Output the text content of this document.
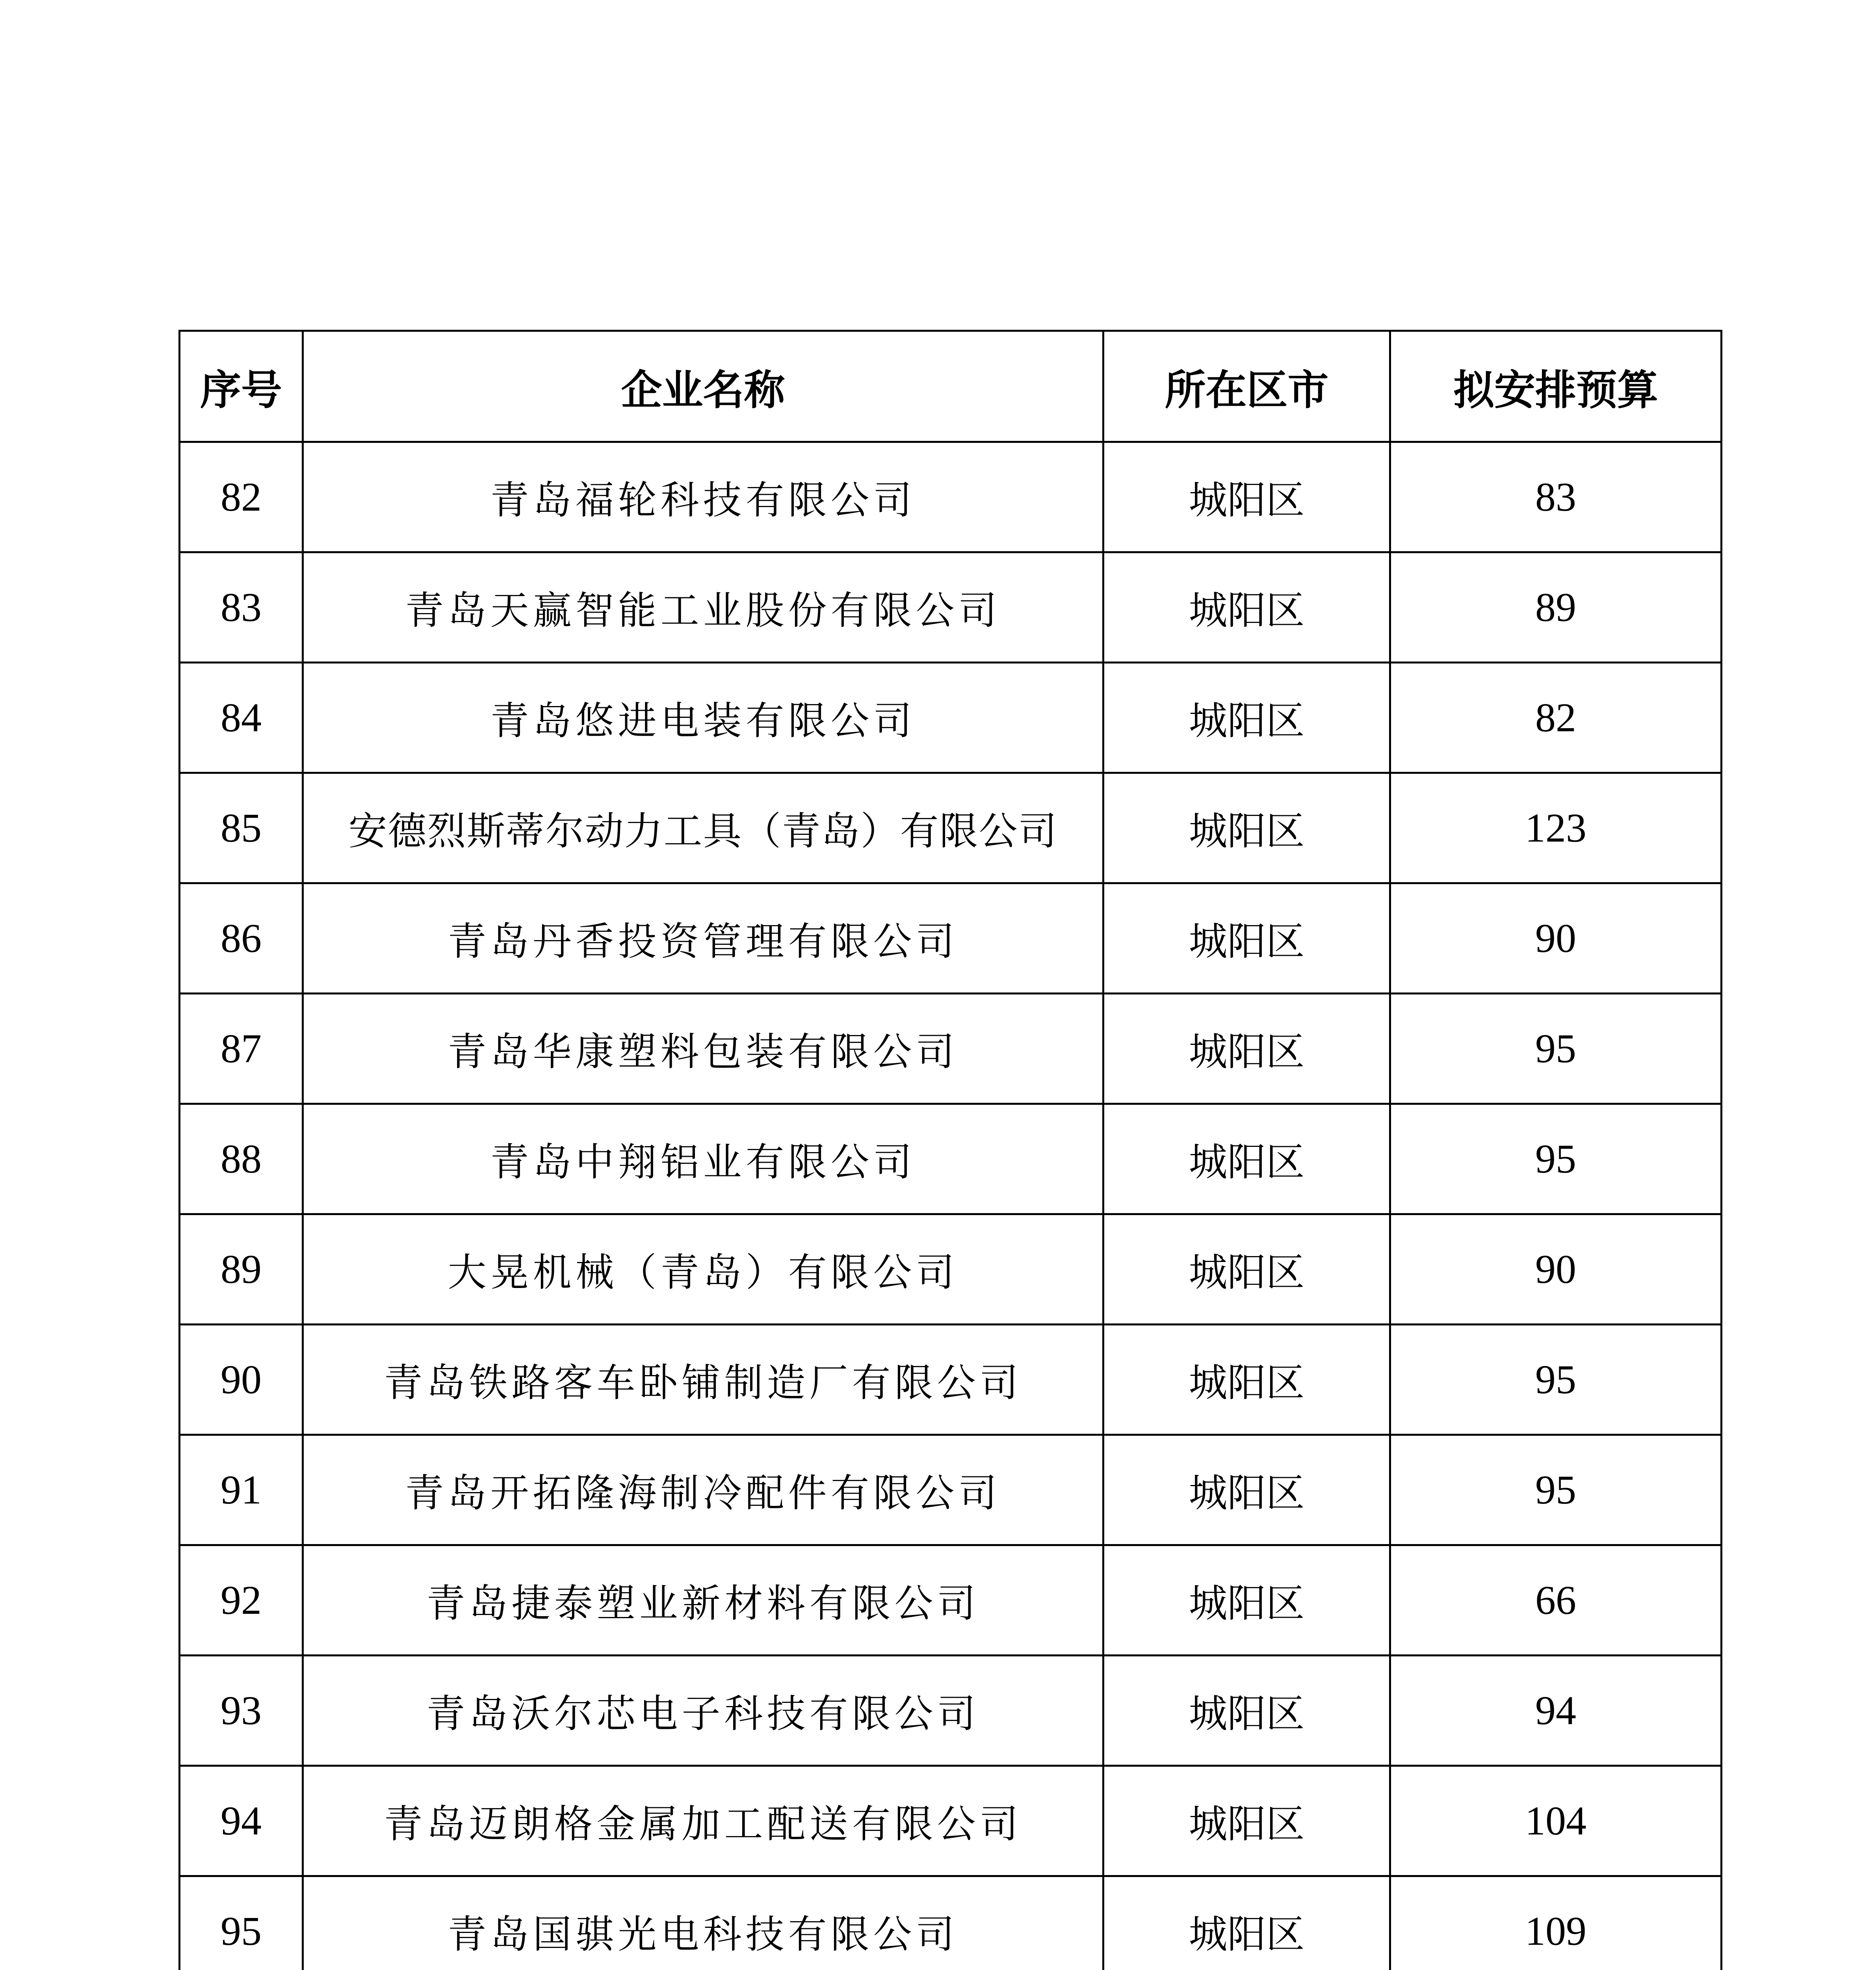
序号	企业名称	所在区市	拟安排预算
82	青岛福轮科技有限公司	城阳区	83
83	青岛天赢智能工业股份有限公司	城阳区	89
84	青岛悠进电装有限公司	城阳区	82
85	安德烈斯蒂尔动力工具（青岛）有限公司	城阳区	123
86	青岛丹香投资管理有限公司	城阳区	90
87	青岛华康塑料包装有限公司	城阳区	95
88	青岛中翔铝业有限公司	城阳区	95
89	大晃机械（青岛）有限公司	城阳区	90
90	青岛铁路客车卧铺制造厂有限公司	城阳区	95
91	青岛开拓隆海制冷配件有限公司	城阳区	95
92	青岛捷泰塑业新材料有限公司	城阳区	66
93	青岛沃尔芯电子科技有限公司	城阳区	94
94	青岛迈朗格金属加工配送有限公司	城阳区	104
95	青岛国骐光电科技有限公司	城阳区	109
